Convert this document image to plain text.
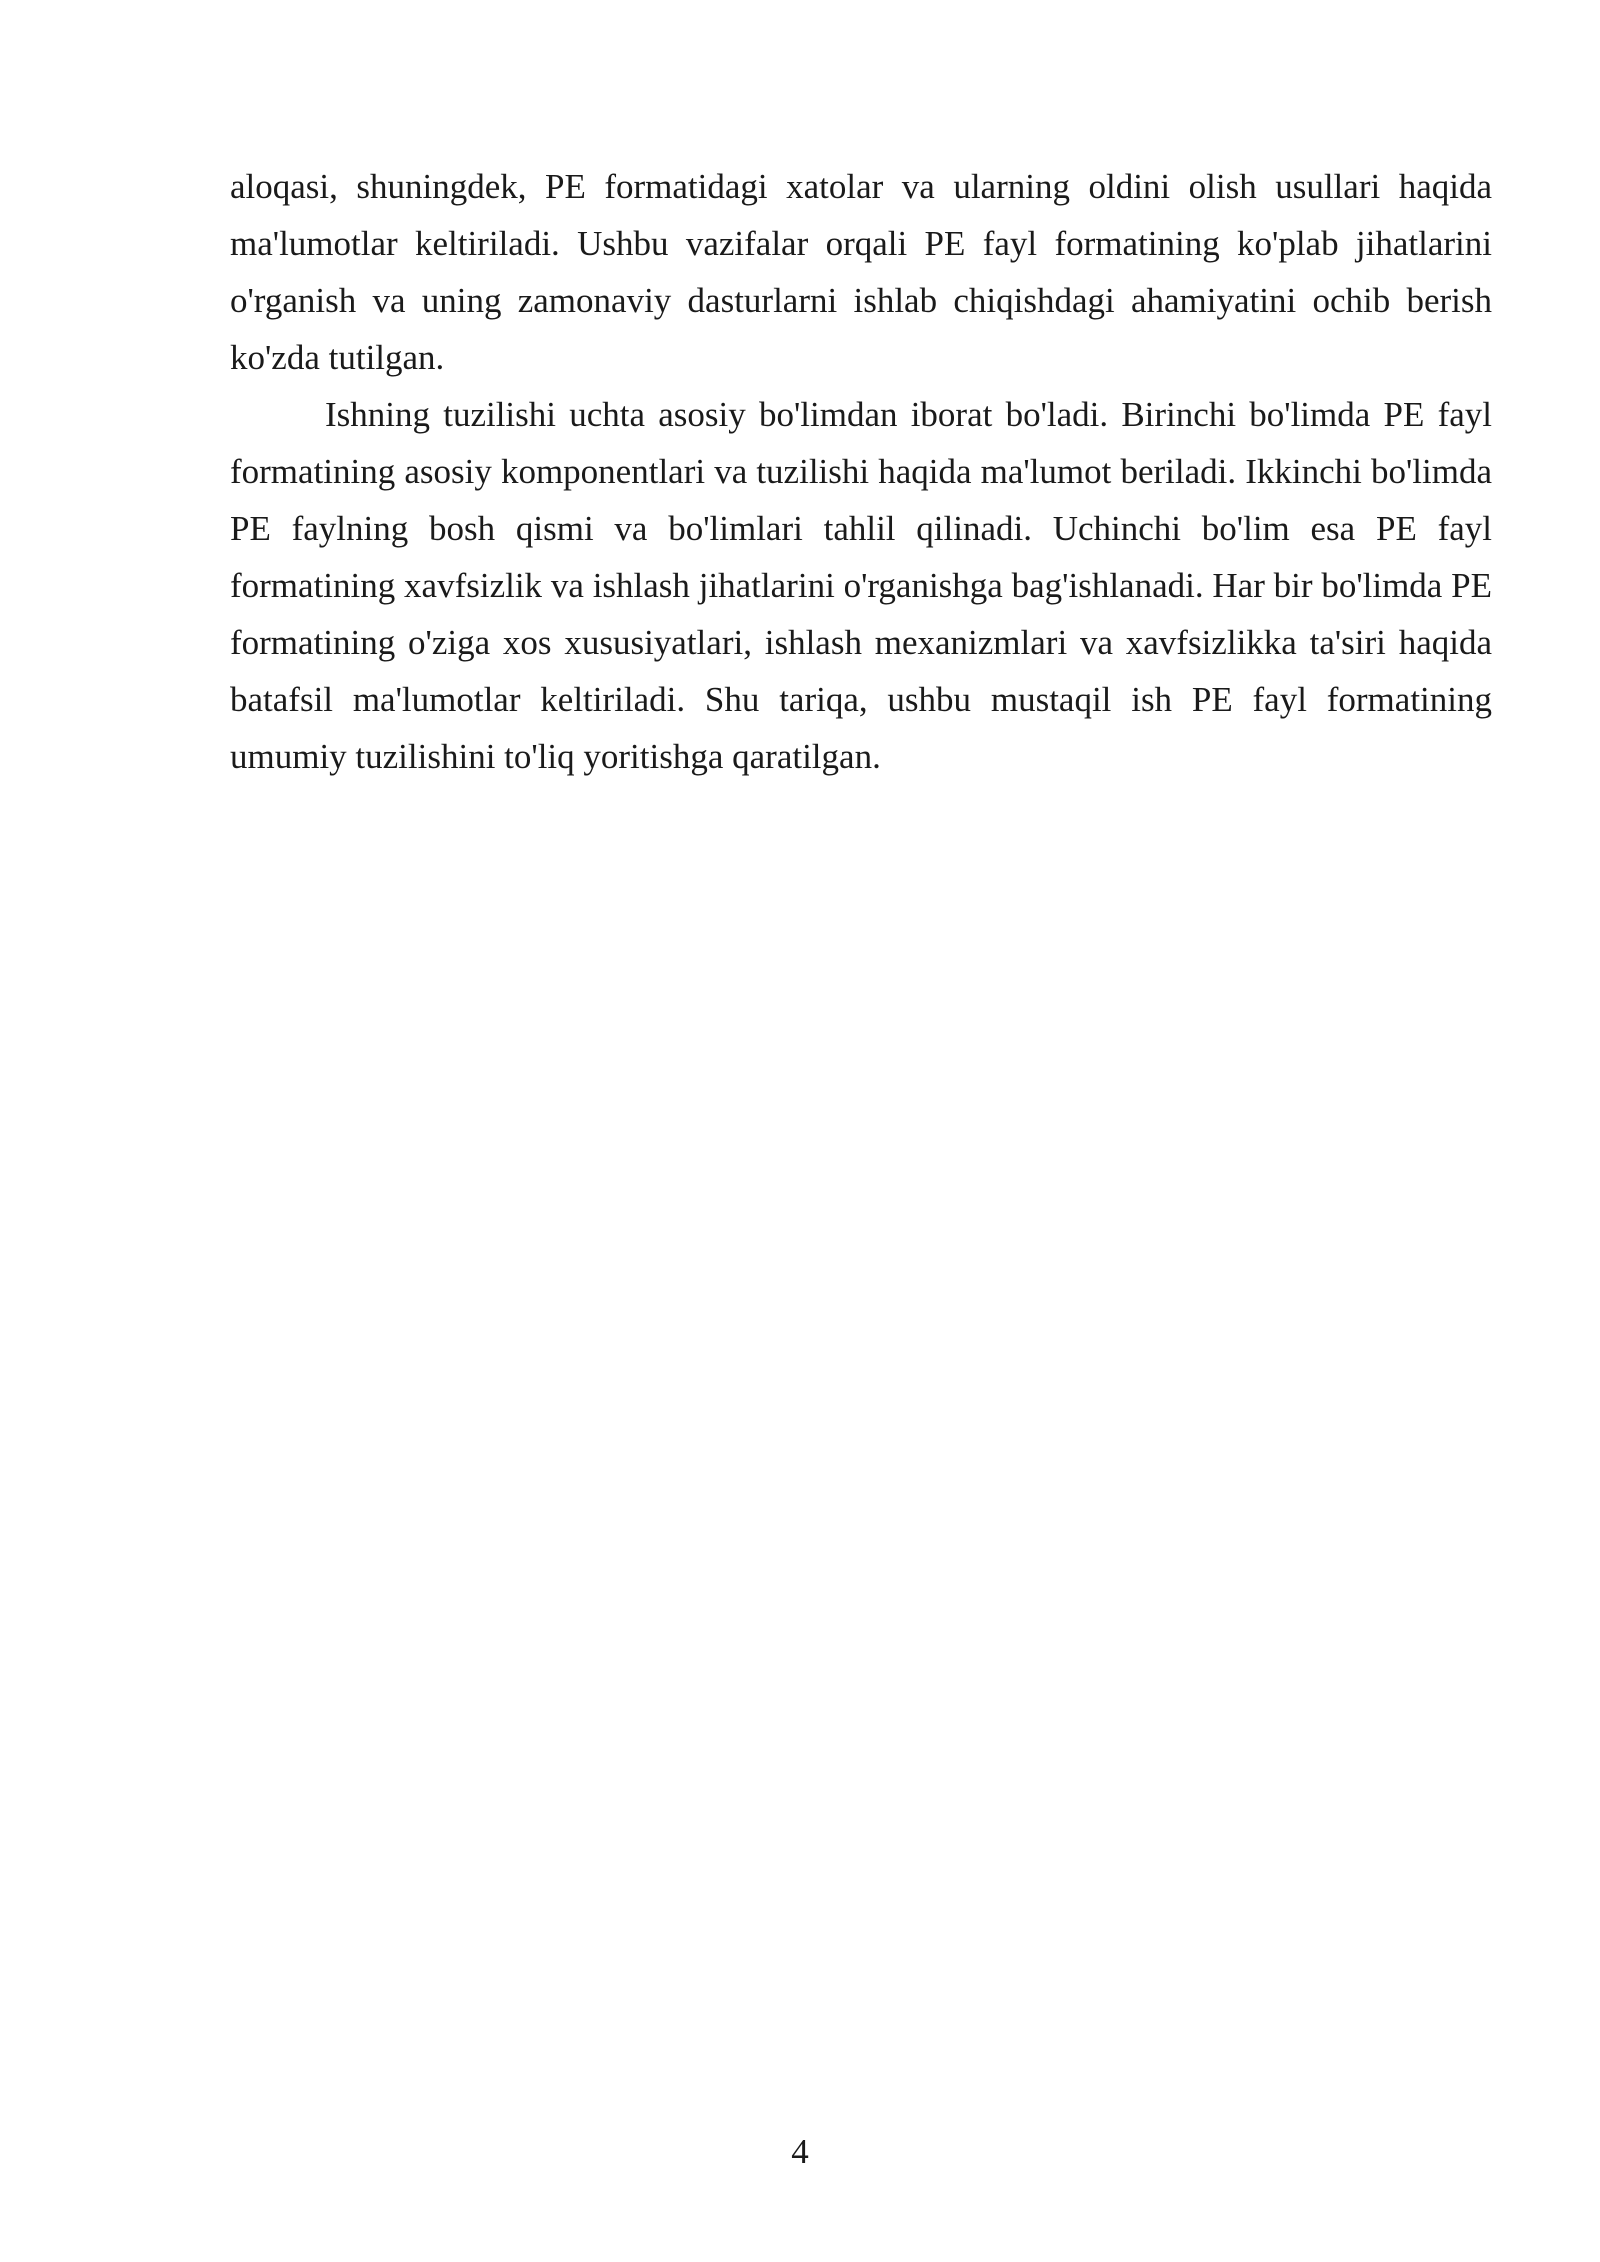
aloqasi, shuningdek, PE formatidagi xatolar va ularning oldini olish usullari haqida ma'lumotlar keltiriladi. Ushbu vazifalar orqali PE fayl formatining ko'plab jihatlarini o'rganish va uning zamonaviy dasturlarni ishlab chiqishdagi ahamiyatini ochib berish ko'zda tutilgan.

Ishning tuzilishi uchta asosiy bo'limdan iborat bo'ladi. Birinchi bo'limda PE fayl formatining asosiy komponentlari va tuzilishi haqida ma'lumot beriladi. Ikkinchi bo'limda PE faylning bosh qismi va bo'limlari tahlil qilinadi. Uchinchi bo'lim esa PE fayl formatining xavfsizlik va ishlash jihatlarini o'rganishga bag'ishlanadi. Har bir bo'limda PE formatining o'ziga xos xususiyatlari, ishlash mexanizmlari va xavfsizlikka ta'siri haqida batafsil ma'lumotlar keltiriladi. Shu tariqa, ushbu mustaqil ish PE fayl formatining umumiy tuzilishini to'liq yoritishga qaratilgan.

4
